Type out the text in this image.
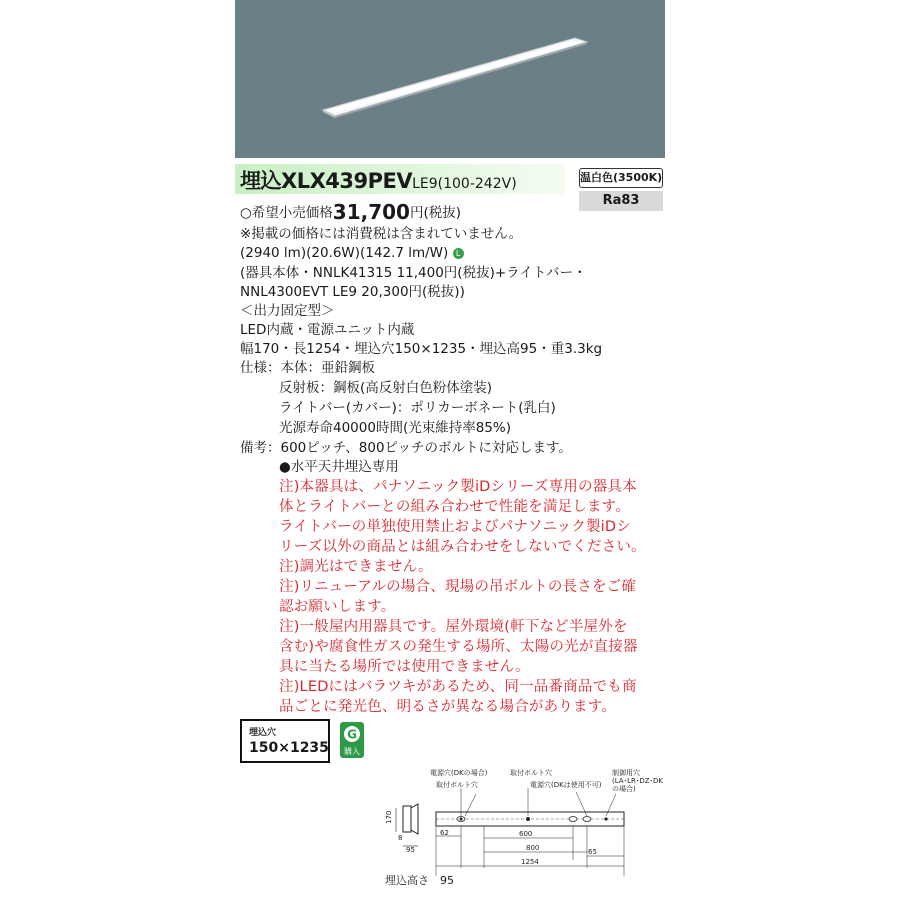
埋込XLX439PEVLE9(100-242V)	温白色(3500K)
Ra83
○希望小売価格31,700円(税抜)
※掲載の価格には消費税は含まれていません。
(2940 lm)(20.6W)(142.7 lm/W) L
(器具本体・NNLK41315 11,400円(税抜)+ライトバー・
NNL4300EVT LE9 20,300円(税抜))
＜出力固定型＞
LED内蔵・電源ユニット内蔵
幅170・長1254・埋込穴150×1235・埋込高95・重3.3kg
仕様：本体：亜鉛鋼板
反射板：鋼板(高反射白色粉体塗装)
ライトバー(カバー)：ポリカーボネート(乳白)
光源寿命40000時間(光束維持率85%)
備考：600ピッチ、800ピッチのボルトに対応します。
●水平天井埋込専用
注)本器具は、パナソニック製iDシリーズ専用の器具本
体とライトバーとの組み合わせで性能を満足します。
ライトバーの単独使用禁止およびパナソニック製iDシ
リーズ以外の商品とは組み合わせをしないでください。
注)調光はできません。
注)リニューアルの場合、現場の吊ボルトの長さをご確
認お願いします。
注)一般屋内用器具です。屋外環境(軒下など半屋外を
含む)や腐食性ガスの発生する場所、太陽の光が直接器
具に当たる場所では使用できません。
注)LEDにはバラツキがあるため、同一品番商品でも商
品ごとに発光色、明るさが異なる場合があります。
埋込穴
150×1235
G
購入
170
8
95
電源穴(DKの場合)	取付ボルト穴
取付ボルト穴	電源穴(DKは使用不可)
制御用穴
(LA･LR･DZ･DK
の場合)
62	600
800	65
1254
埋込高さ　95
